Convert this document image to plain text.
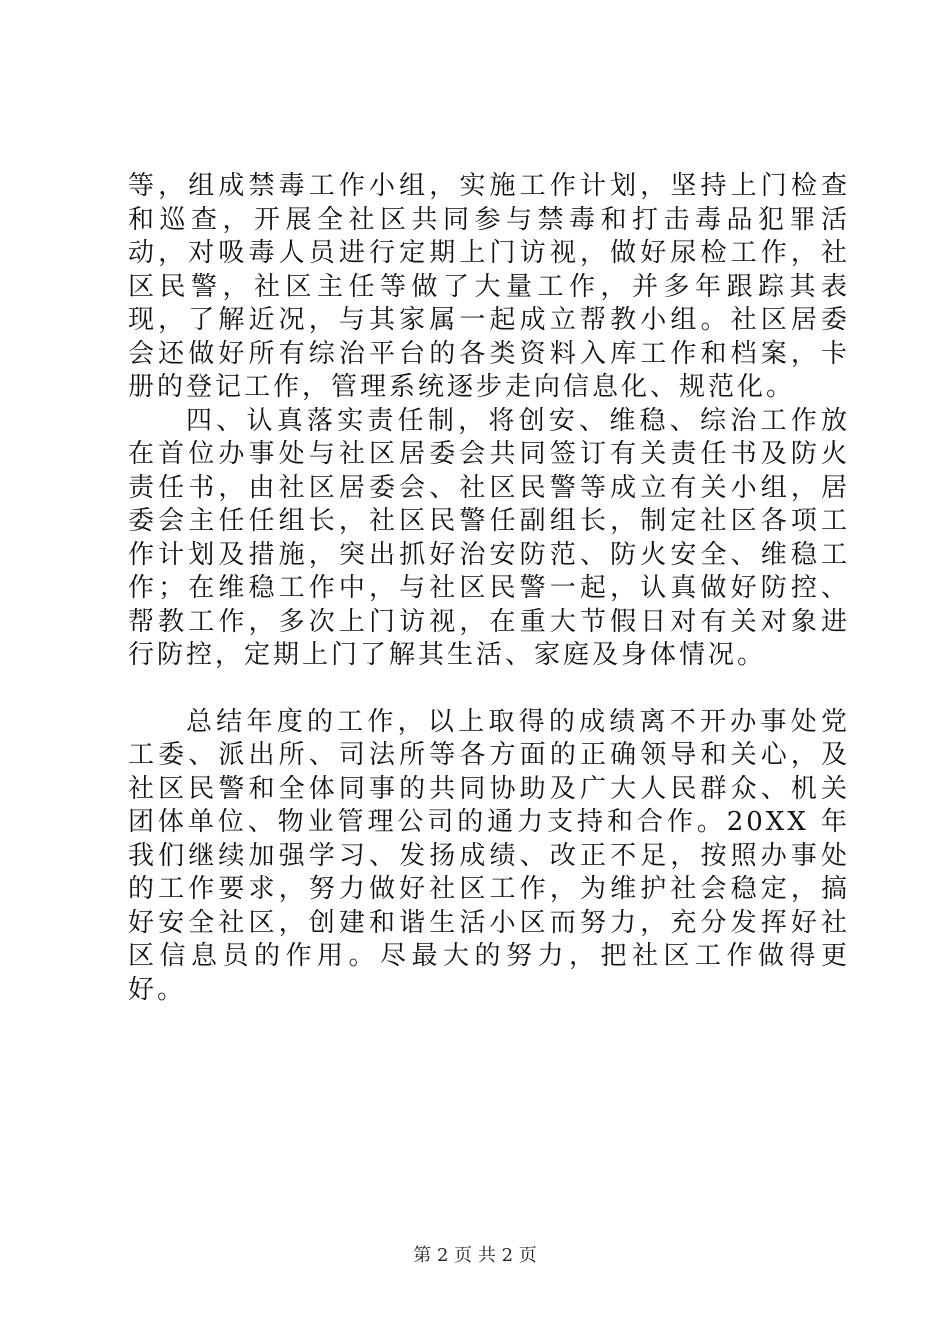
等，组成禁毒工作小组，实施工作计划，坚持上门检查和巡查，开展全社区共同参与禁毒和打击毒品犯罪活动，对吸毒人员进行定期上门访视，做好尿检工作，社区民警，社区主任等做了大量工作，并多年跟踪其表现，了解近况，与其家属一起成立帮教小组。社区居委会还做好所有综治平台的各类资料入库工作和档案，卡册的登记工作，管理系统逐步走向信息化、规范化。

四、认真落实责任制，将创安、维稳、综治工作放在首位办事处与社区居委会共同签订有关责任书及防火责任书，由社区居委会、社区民警等成立有关小组，居委会主任任组长，社区民警任副组长，制定社区各项工作计划及措施，突出抓好治安防范、防火安全、维稳工作；在维稳工作中，与社区民警一起，认真做好防控、帮教工作，多次上门访视，在重大节假日对有关对象进行防控，定期上门了解其生活、家庭及身体情况。

总结年度的工作，以上取得的成绩离不开办事处党工委、派出所、司法所等各方面的正确领导和关心，及社区民警和全体同事的共同协助及广大人民群众、机关团体单位、物业管理公司的通力支持和合作。20XX 年我们继续加强学习、发扬成绩、改正不足，按照办事处的工作要求，努力做好社区工作，为维护社会稳定，搞好安全社区，创建和谐生活小区而努力，充分发挥好社区信息员的作用。尽最大的努力，把社区工作做得更好。

第 2 页 共 2 页
